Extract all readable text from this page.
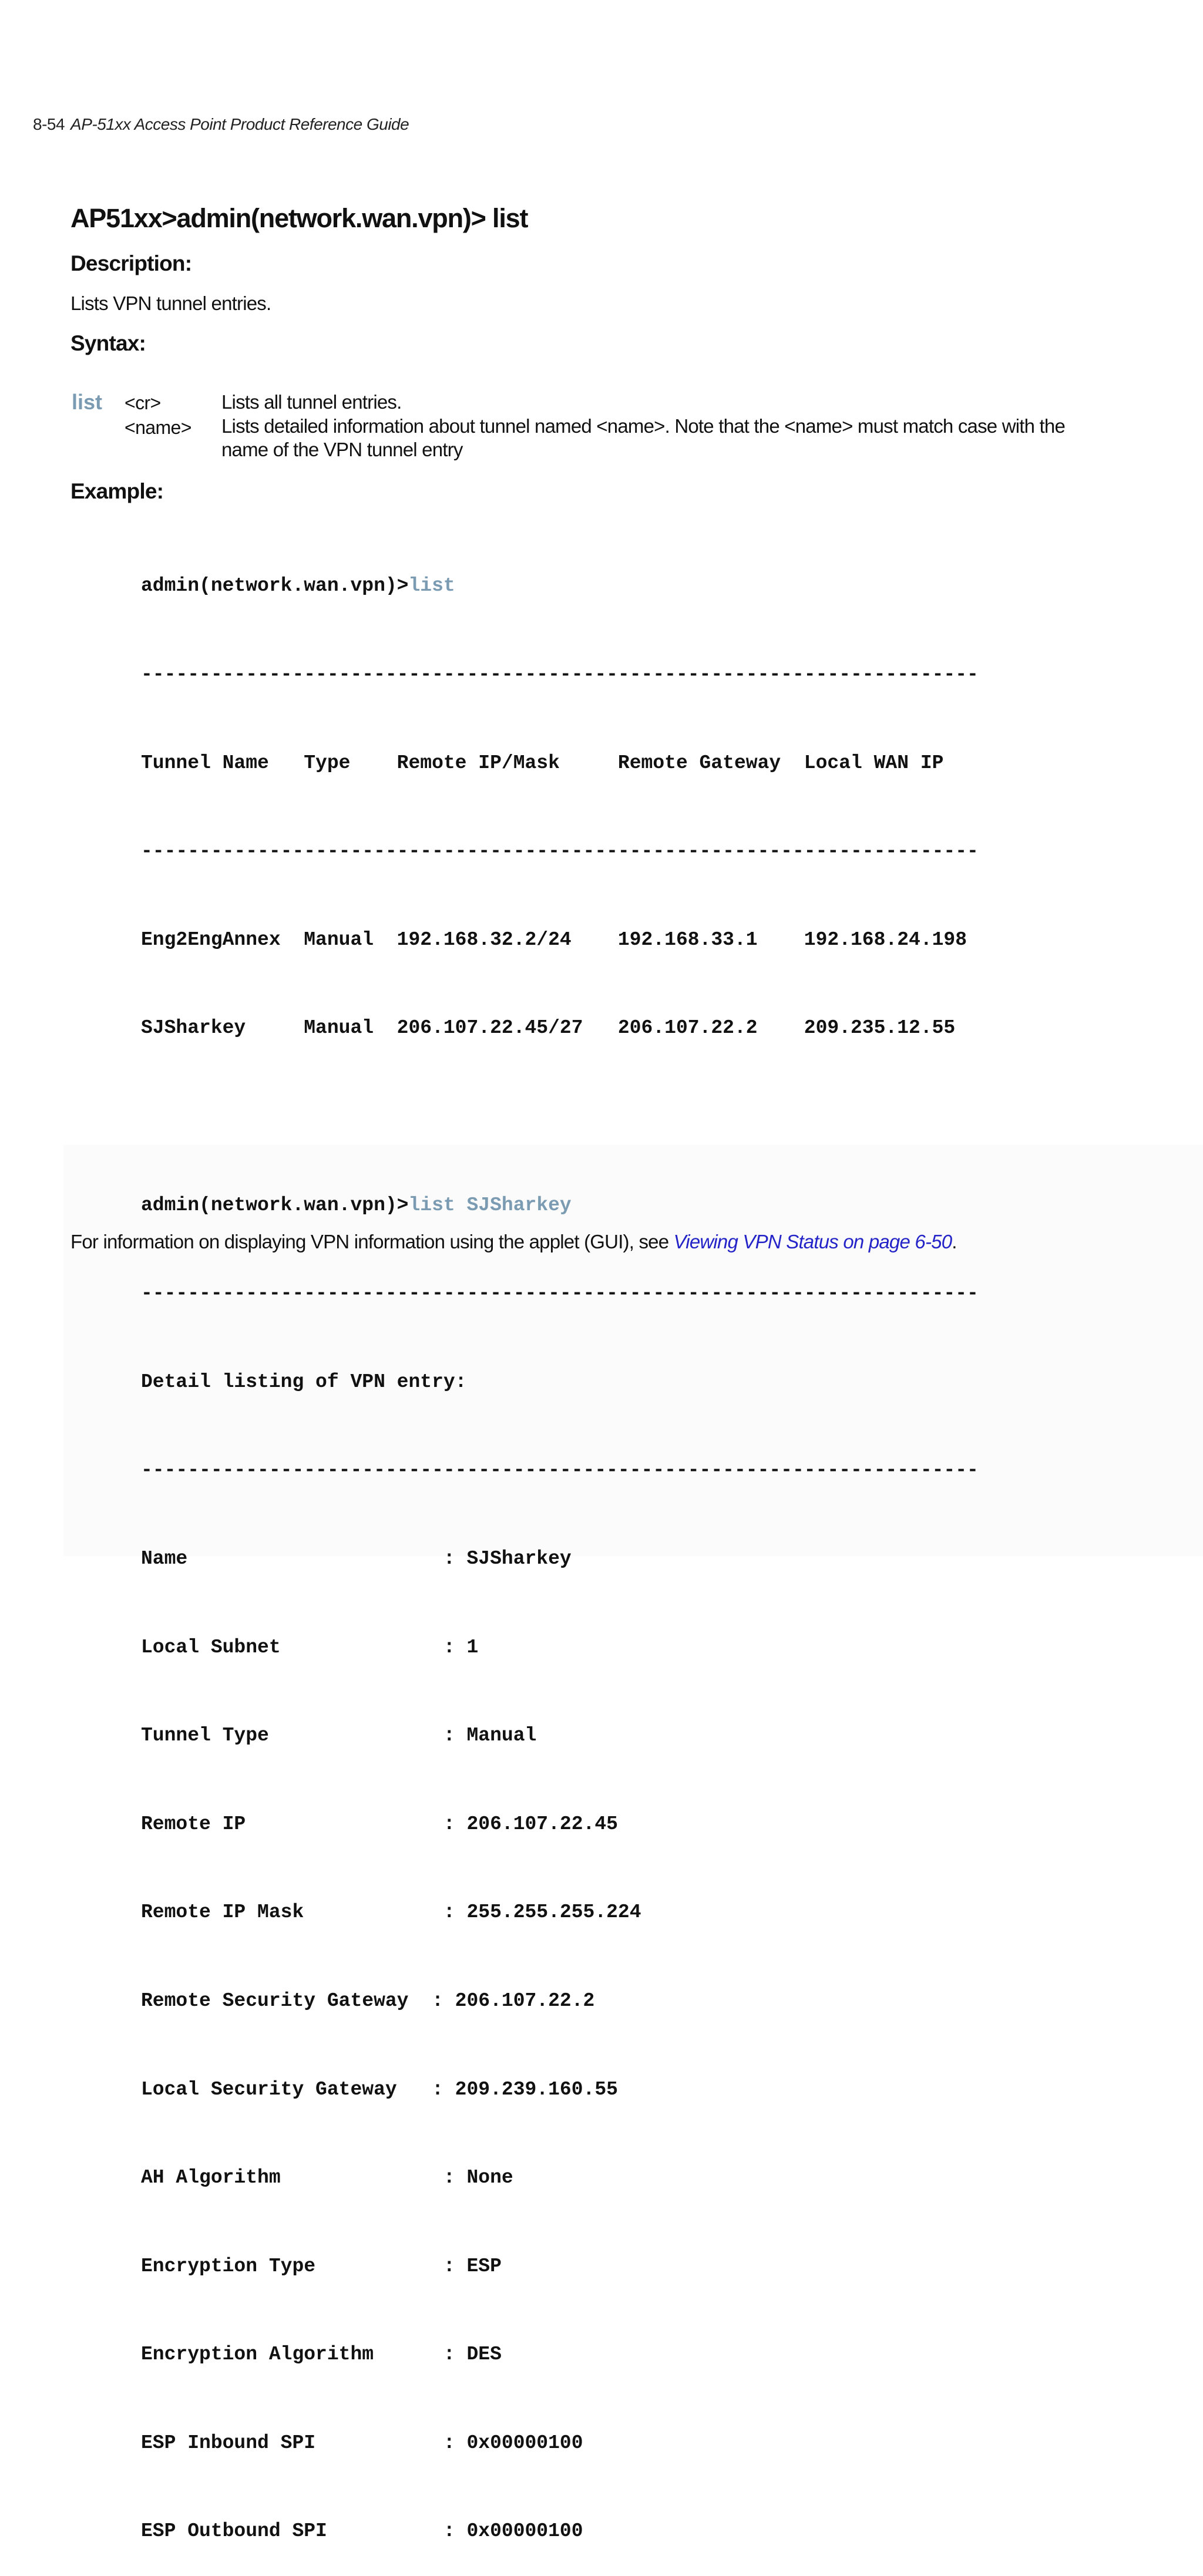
8-54 AP-51xx Access Point Product Reference Guide
AP51xx>admin(network.wan.vpn)> list
Description:

Lists VPN tunnel entries.

Syntax:
list <cr>	Lists all tunnel entries.
<name> Lists detailed information about tunnel named <name>. Note that the <name> must match case with the name of the VPN tunnel entry
Example:

admin(network.wan.vpn)>list

------------------------------------------------------------------------

Tunnel Name   Type    Remote IP/Mask     Remote Gateway  Local WAN IP

------------------------------------------------------------------------

Eng2EngAnnex  Manual  192.168.32.2/24    192.168.33.1    192.168.24.198

SJSharkey     Manual  206.107.22.45/27   206.107.22.2    209.235.12.55

admin(network.wan.vpn)>list SJSharkey

------------------------------------------------------------------------

Detail listing of VPN entry:

------------------------------------------------------------------------

Name                      : SJSharkey

Local Subnet              : 1

Tunnel Type               : Manual

Remote IP                 : 206.107.22.45

Remote IP Mask            : 255.255.255.224

Remote Security Gateway  : 206.107.22.2

Local Security Gateway   : 209.239.160.55

AH Algorithm              : None

Encryption Type           : ESP

Encryption Algorithm      : DES

ESP Inbound SPI           : 0x00000100

ESP Outbound SPI          : 0x00000100

For information on displaying VPN information using the applet (GUI), see Viewing VPN Status on page 6-50.
